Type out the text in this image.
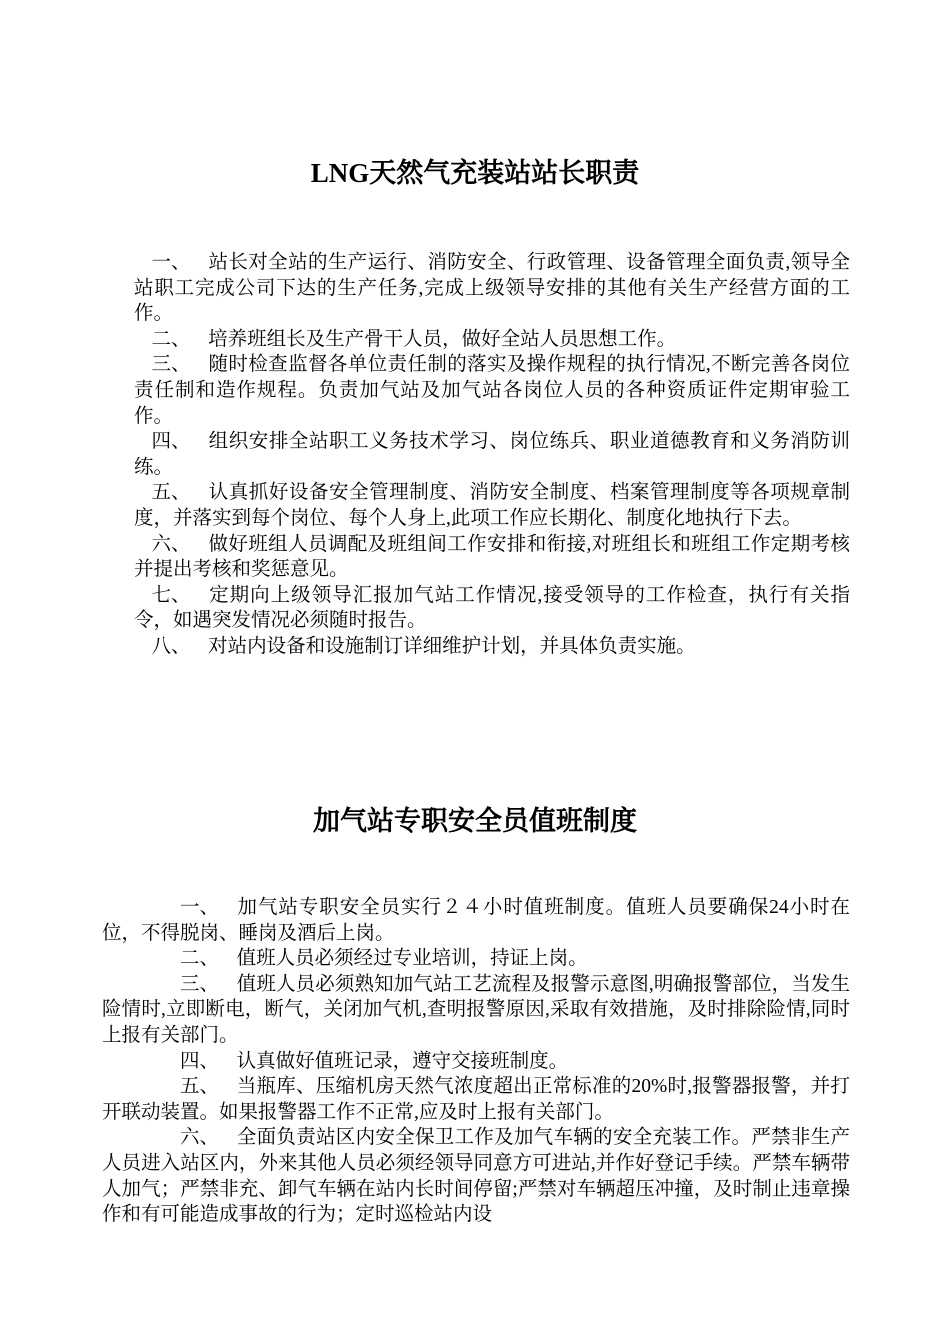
LNG天然气充装站站长职责

一、 站长对全站的生产运行、消防安全、行政管理、设备管理全面负责,领导全站职工完成公司下达的生产任务,完成上级领导安排的其他有关生产经营方面的工作。

二、 培养班组长及生产骨干人员，做好全站人员思想工作。

三、 随时检查监督各单位责任制的落实及操作规程的执行情况,不断完善各岗位责任制和造作规程。负责加气站及加气站各岗位人员的各种资质证件定期审验工作。

四、 组织安排全站职工义务技术学习、岗位练兵、职业道德教育和义务消防训练。

五、 认真抓好设备安全管理制度、消防安全制度、档案管理制度等各项规章制度，并落实到每个岗位、每个人身上,此项工作应长期化、制度化地执行下去。

六、 做好班组人员调配及班组间工作安排和衔接,对班组长和班组工作定期考核并提出考核和奖惩意见。

七、 定期向上级领导汇报加气站工作情况,接受领导的工作检查，执行有关指令，如遇突发情况必须随时报告。

八、 对站内设备和设施制订详细维护计划，并具体负责实施。

加气站专职安全员值班制度

一、 加气站专职安全员实行２４小时值班制度。值班人员要确保24小时在位，不得脱岗、睡岗及酒后上岗。

二、 值班人员必须经过专业培训，持证上岗。

三、 值班人员必须熟知加气站工艺流程及报警示意图,明确报警部位，当发生险情时,立即断电，断气，关闭加气机,查明报警原因,采取有效措施，及时排除险情,同时上报有关部门。

四、 认真做好值班记录，遵守交接班制度。

五、 当瓶库、压缩机房天然气浓度超出正常标准的20%时,报警器报警，并打开联动装置。如果报警器工作不正常,应及时上报有关部门。

六、 全面负责站区内安全保卫工作及加气车辆的安全充装工作。严禁非生产人员进入站区内，外来其他人员必须经领导同意方可进站,并作好登记手续。严禁车辆带人加气；严禁非充、卸气车辆在站内长时间停留;严禁对车辆超压冲撞，及时制止违章操作和有可能造成事故的行为；定时巡检站内设
